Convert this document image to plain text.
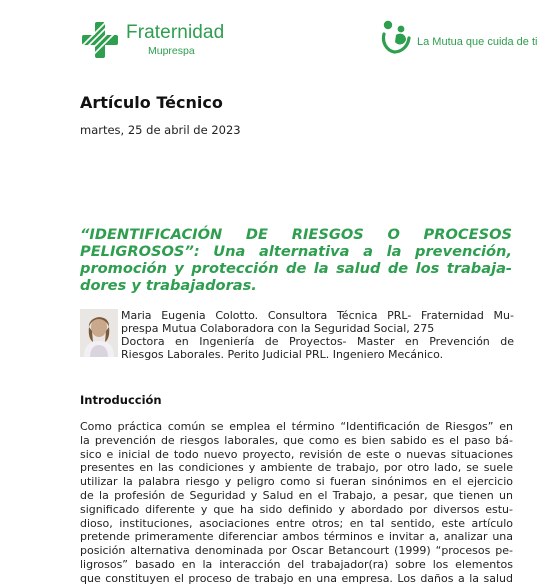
Fraternidad
Muprespa
La Mutua que cuida de ti
Artículo Técnico
martes, 25 de abril de 2023
“IDENTIFICACIÓN DE RIESGOS O PROCESOS
PELIGROSOS”: Una alternativa a la prevención,
promoción y protección de la salud de los trabaja-
dores y trabajadoras.

Maria Eugenia Colotto. Consultora Técnica PRL- Fraternidad Mu-
prespa Mutua Colaboradora con la Seguridad Social, 275
Doctora en Ingeniería de Proyectos- Master en Prevención de
Riesgos Laborales. Perito Judicial PRL. Ingeniero Mecánico.

Introducción

Como práctica común se emplea el término “Identificación de Riesgos” en
la prevención de riesgos laborales, que como es bien sabido es el paso bá-
sico e inicial de todo nuevo proyecto, revisión de este o nuevas situaciones
presentes en las condiciones y ambiente de trabajo, por otro lado, se suele
utilizar la palabra riesgo y peligro como si fueran sinónimos en el ejercicio
de la profesión de Seguridad y Salud en el Trabajo, a pesar, que tienen un
significado diferente y que ha sido definido y abordado por diversos estu-
dioso, instituciones, asociaciones entre otros; en tal sentido, este artículo
pretende primeramente diferenciar ambos términos e invitar a, analizar una
posición alternativa denominada por Oscar Betancourt (1999) “procesos pe-
ligrosos” basado en la interacción del trabajador(ra) sobre los elementos
que constituyen el proceso de trabajo en una empresa. Los daños a la salud
